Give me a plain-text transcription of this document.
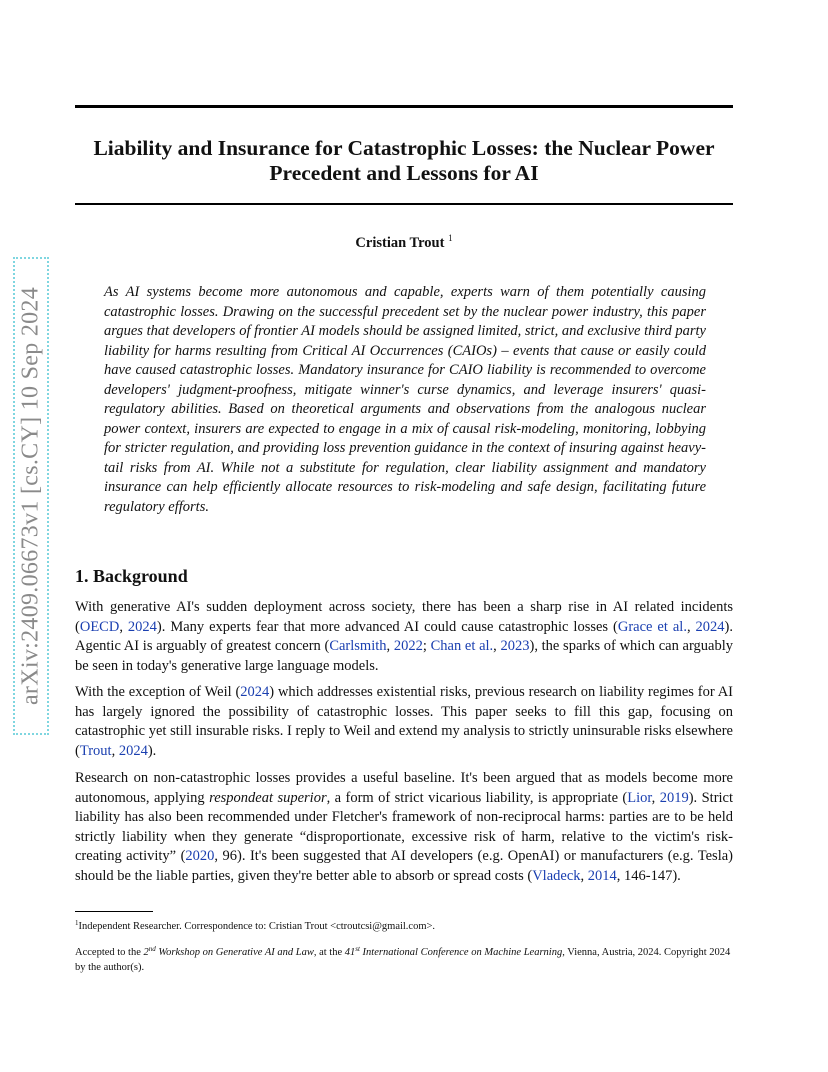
arXiv:2409.06673v1 [cs.CY] 10 Sep 2024
Liability and Insurance for Catastrophic Losses: the Nuclear Power Precedent and Lessons for AI
Cristian Trout $^1$

As AI systems become more autonomous and capable, experts warn of them potentially causing catastrophic losses. Drawing on the successful precedent set by the nuclear power industry, this paper argues that developers of frontier AI models should be assigned limited, strict, and exclusive third party liability for harms resulting from Critical AI Occurrences (CAIOs) – events that cause or easily could have caused catastrophic losses. Mandatory insurance for CAIO liability is recommended to overcome developers' judgment-proofness, mitigate winner's curse dynamics, and leverage insurers' quasi-regulatory abilities. Based on theoretical arguments and observations from the analogous nuclear power context, insurers are expected to engage in a mix of causal risk-modeling, monitoring, lobbying for stricter regulation, and providing loss prevention guidance in the context of insuring against heavy-tail risks from AI. While not a substitute for regulation, clear liability assignment and mandatory insurance can help efficiently allocate resources to risk-modeling and safe design, facilitating future regulatory efforts.

1. Background

With generative AI's sudden deployment across society, there has been a sharp rise in AI related incidents (OECD, 2024). Many experts fear that more advanced AI could cause catastrophic losses (Grace et al., 2024). Agentic AI is arguably of greatest concern (Carlsmith, 2022; Chan et al., 2023), the sparks of which can arguably be seen in today's generative large language models.

With the exception of Weil (2024) which addresses existential risks, previous research on liability regimes for AI has largely ignored the possibility of catastrophic losses. This paper seeks to fill this gap, focusing on catastrophic yet still insurable risks. I reply to Weil and extend my analysis to strictly uninsurable risks elsewhere (Trout, 2024).

Research on non-catastrophic losses provides a useful baseline. It's been argued that as models become more autonomous, applying respondeat superior, a form of strict vicarious liability, is appropriate (Lior, 2019). Strict liability has also been recommended under Fletcher's framework of non-reciprocal harms: parties are to be held strictly liability when they generate “disproportionate, excessive risk of harm, relative to the victim's risk-creating activity” (2020, 96). It's been suggested that AI developers (e.g. OpenAI) or manufacturers (e.g. Tesla) should be the liable parties, given they're better able to absorb or spread costs (Vladeck, 2014, 146-147).

$^1$Independent Researcher. Correspondence to: Cristian Trout <ctroutcsi@gmail.com>.

Accepted to the 2nd Workshop on Generative AI and Law, at the 41st International Conference on Machine Learning, Vienna, Austria, 2024. Copyright 2024 by the author(s).
